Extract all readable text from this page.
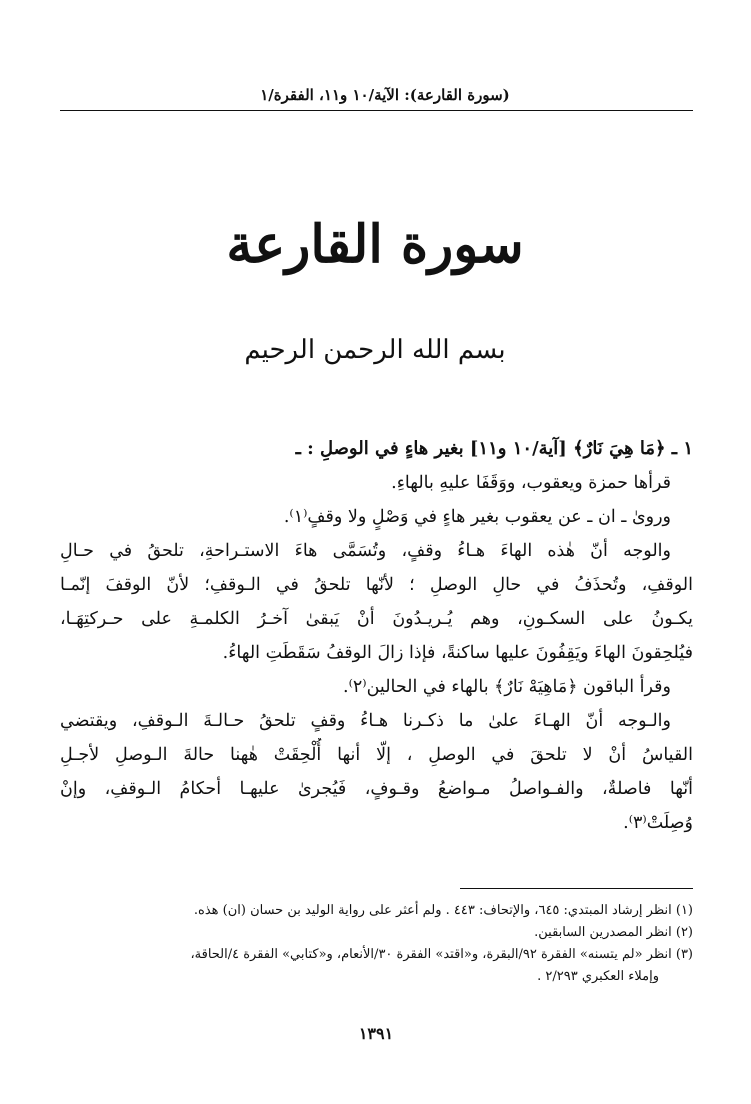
(سورة القارعة): الآية/١٠ و١١، الفقرة/١
سورة القارعة
بسم الله الرحمن الرحيم
١ ـ ﴿مَا هِيَ نَارٌ﴾ [آية/١٠ و١١] بغير هاءٍ في الوصلِ : ـ
قرأها حمزة ويعقوب، ووَقَفَا عليهِ بالهاءِ.
وروىٰ ـ ان ـ عن يعقوب بغير هاءٍ في وَصْلٍ ولا وقفٍ⁽١⁾.
والوجه أنّ هٰذه الهاءَ هـاءُ وقفٍ، وتُسَمَّى هاءَ الاستـراحةِ، تلحقُ في حـالِ
الوقفِ، وتُحذَفُ في حالِ الوصلِ ؛ لأنّها تلحقُ في الـوقفِ؛ لأنّ الوقفَ إنّمـا
يكـونُ على السكـونِ، وهم يُـريـدُونَ أنْ يَبقىٰ آخـرُ الكلمـةِ على حـركتِهَـا،
فيُلحِقونَ الهاءَ ويَقِفُونَ عليها ساكنةً، فإذا زالَ الوقفُ سَقَطَتِ الهاءُ.
وقرأ الباقون ﴿مَاهِيَهْ نَارٌ﴾ بالهاء في الحالين⁽٢⁾.
والـوجه أنّ الهـاءَ علىٰ ما ذكـرنا هـاءُ وقفٍ تلحقُ حـالـةَ الـوقفِ، ويقتضي
القياسُ أنْ لا تلحقَ في الوصلِ ، إلّا أنها أُلْحِقَتْ هٰهنا حالةَ الـوصلِ لأجـلِ
أنّها فاصلةٌ، والفـواصلُ مـواضعُ وقـوفٍ، فَيُجرىٰ عليهـا أحكامُ الـوقفِ، وإنْ
وُصِلَتْ⁽٣⁾.
(١) انظر إرشاد المبتدي: ٦٤٥، والإتحاف: ٤٤٣ . ولم أعثر على رواية الوليد بن حسان (ان) هذه.
(٢) انظر المصدرين السابقين.
(٣) انظر «لم يتسنه» الفقرة ٩٢/البقرة، و«اقتد» الفقرة ٣٠/الأنعام، و«كتابي» الفقرة ٤/الحاقة،
وإملاء العكبري ٢/٢٩٣ .
١٣٩١
